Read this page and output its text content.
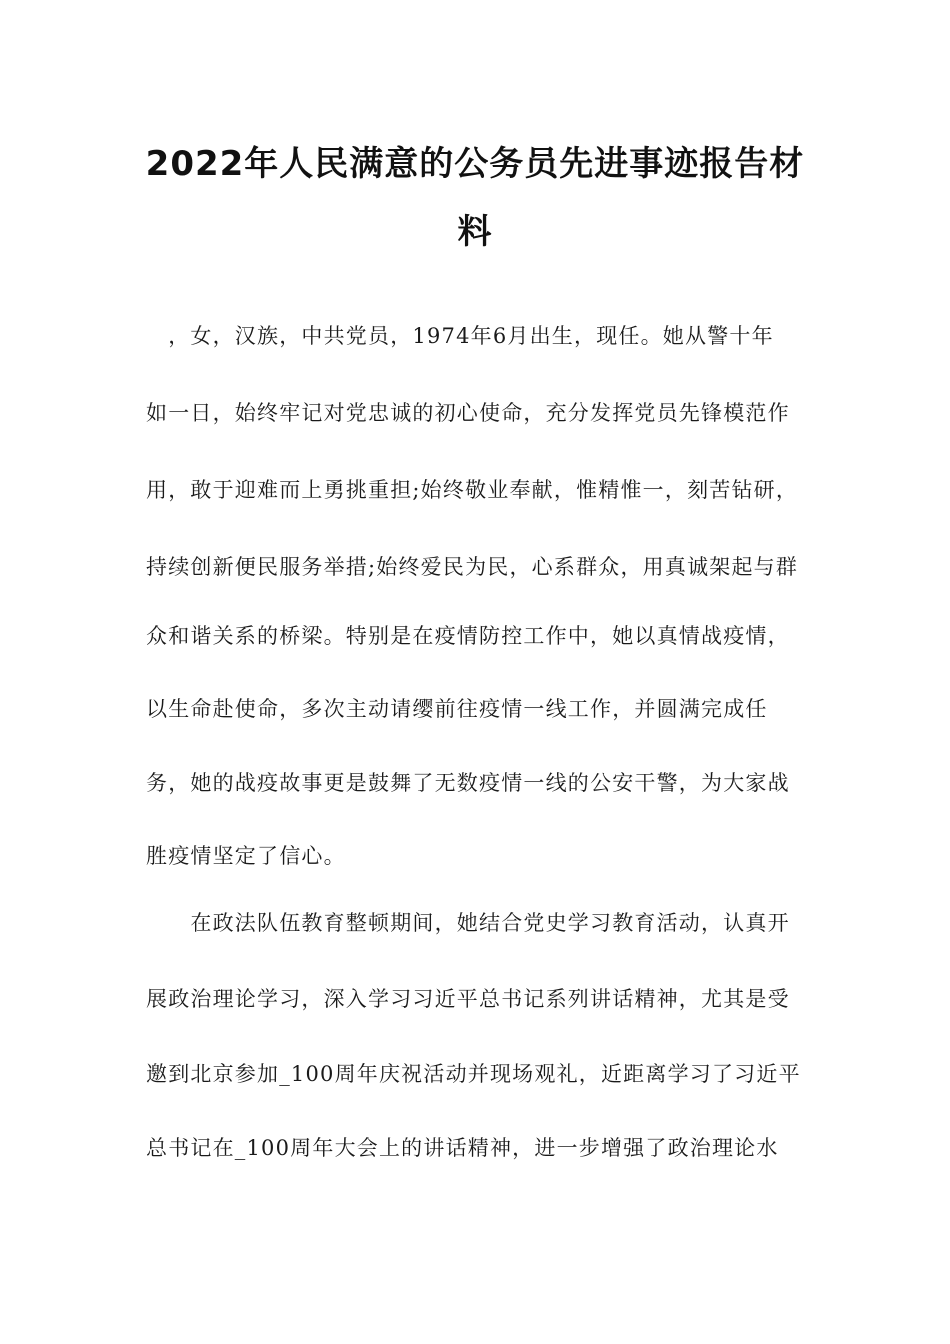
2022年人民满意的公务员先进事迹报告材
料

　，女，汉族，中共党员，1974年6月出生，现任。她从警十年

如一日，始终牢记对党忠诚的初心使命，充分发挥党员先锋模范作

用，敢于迎难而上勇挑重担;始终敬业奉献，惟精惟一，刻苦钻研，

持续创新便民服务举措;始终爱民为民，心系群众，用真诚架起与群

众和谐关系的桥梁。特别是在疫情防控工作中，她以真情战疫情，

以生命赴使命，多次主动请缨前往疫情一线工作，并圆满完成任

务，她的战疫故事更是鼓舞了无数疫情一线的公安干警，为大家战

胜疫情坚定了信心。

　　在政法队伍教育整顿期间，她结合党史学习教育活动，认真开

展政治理论学习，深入学习习近平总书记系列讲话精神，尤其是受

邀到北京参加_100周年庆祝活动并现场观礼，近距离学习了习近平

总书记在_100周年大会上的讲话精神，进一步增强了政治理论水
